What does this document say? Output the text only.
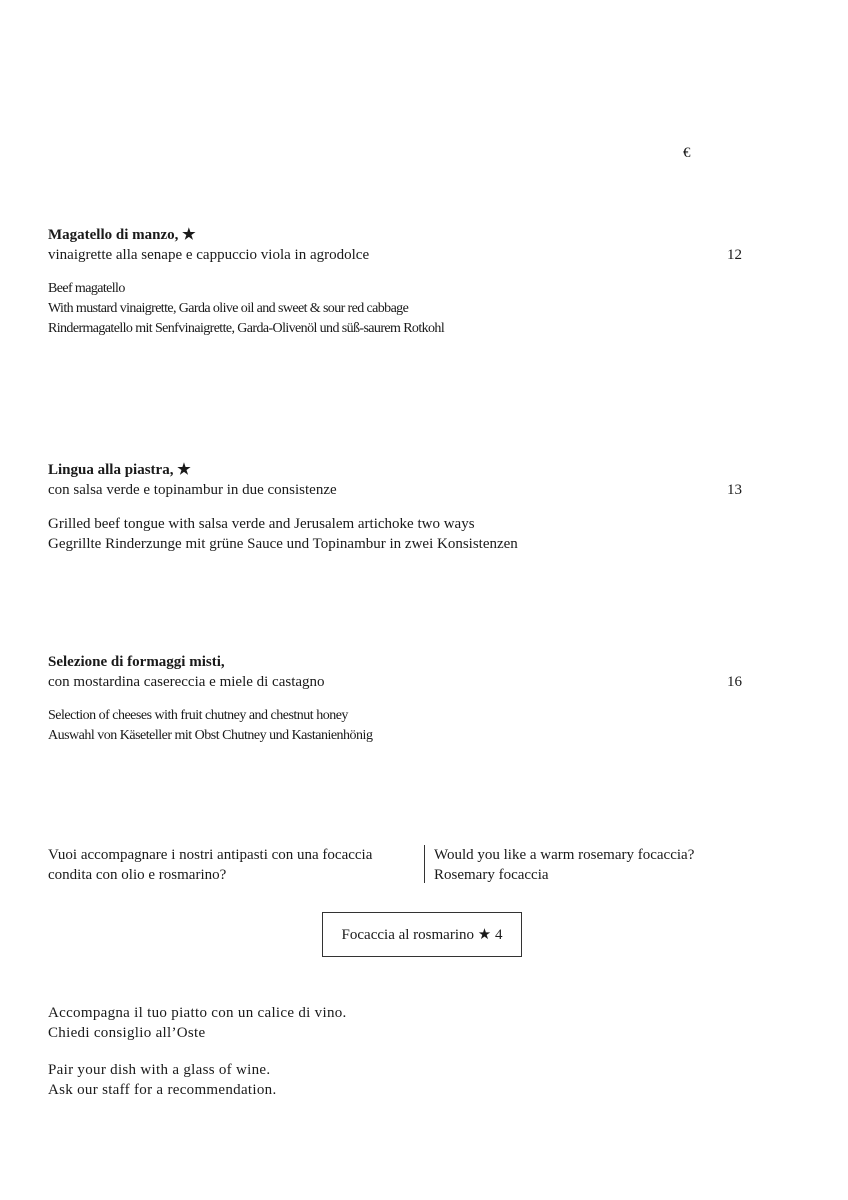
€
Magatello di manzo, ★
vinaigrette alla senape e cappuccio viola in agrodolce	12
Beef magatello
With mustard vinaigrette, Garda olive oil and sweet & sour red cabbage
Rindermagatello mit Senfvinaigrette, Garda-Olivenöl und süß-saurem Rotkohl
Lingua alla piastra, ★
con salsa verde e topinambur in due consistenze	13
Grilled beef tongue with salsa verde and Jerusalem artichoke two ways
Gegrillte Rinderzunge mit grüne Sauce und Topinambur in zwei Konsistenzen
Selezione di formaggi misti,
con mostardina casereccia e miele di castagno	16
Selection of cheeses with fruit chutney and chestnut honey
Auswahl von Käseteller mit Obst Chutney und Kastanienhönig
Vuoi accompagnare i nostri antipasti con una focaccia
condita con olio e rosmarino?
Would you like a warm rosemary focaccia?
Rosemary focaccia
Focaccia al rosmarino ★ 4
Accompagna il tuo piatto con un calice di vino.
Chiedi consiglio all’Oste
Pair your dish with a glass of wine.
Ask our staff for a recommendation.
